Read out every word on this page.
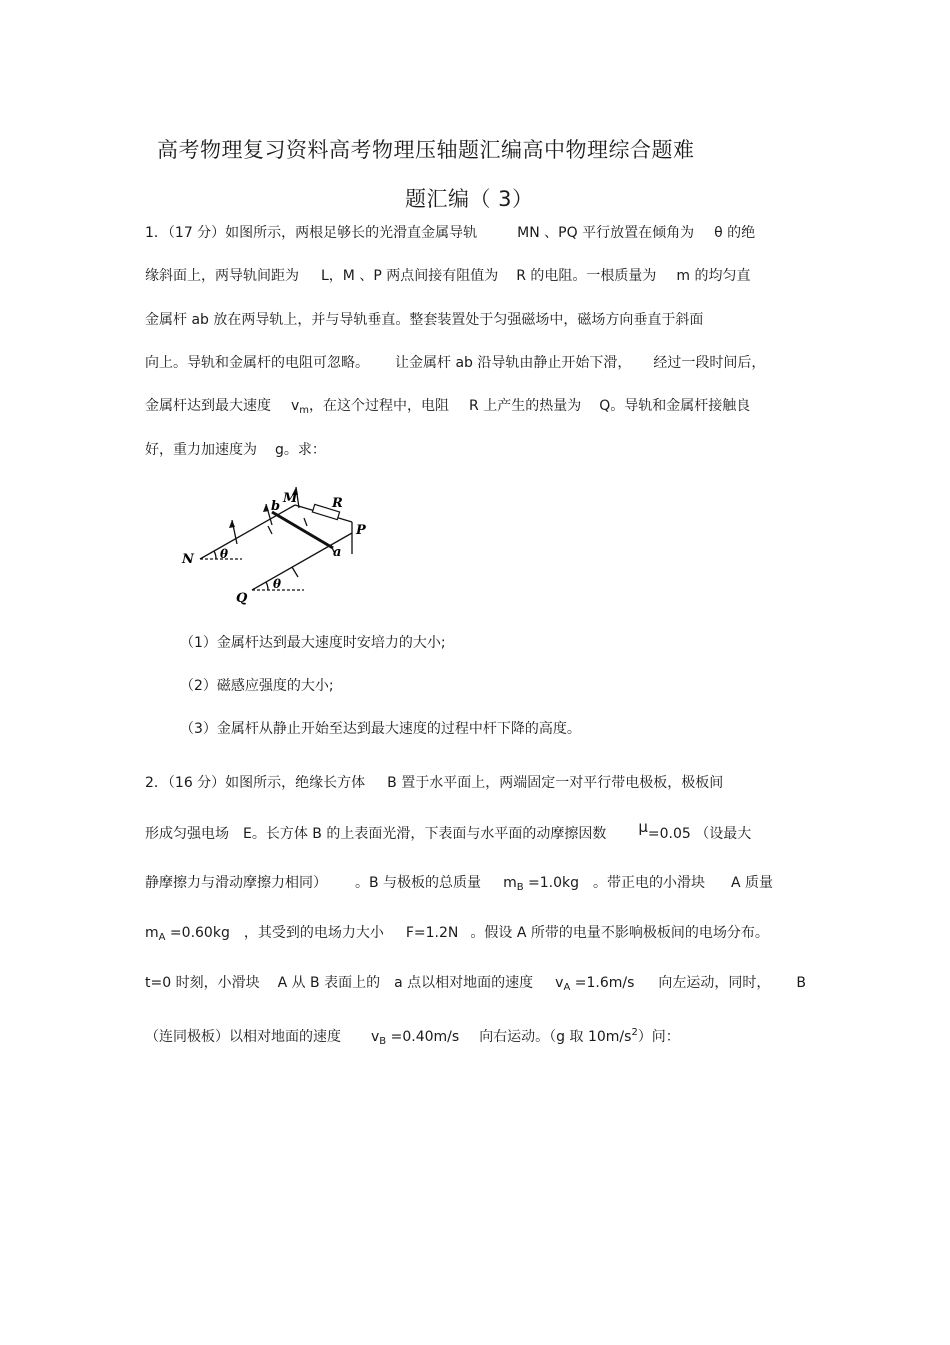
高考物理复习资料高考物理压轴题汇编高中物理综合题难
题汇编（ 3）
1．（17 分）如图所示，两根足够长的光滑直金属导轨	MN 、PQ 平行放置在倾角为 θ 的绝
缘斜面上，两导轨间距为 L，M 、P 两点间接有阻值为 R 的电阻。一根质量为 m 的均匀直
金属杆 ab 放在两导轨上，并与导轨垂直。整套装置处于匀强磁场中，磁场方向垂直于斜面
向上。导轨和金属杆的电阻可忽略。 让金属杆 ab 沿导轨由静止开始下滑， 经过一段时间后，
金属杆达到最大速度 $v_m$，在这个过程中，电阻 R 上产生的热量为 Q。导轨和金属杆接触良
好，重力加速度为 g。求：
N
Q
M
P
b
a
R
θ
θ
（1）金属杆达到最大速度时安培力的大小;
（2）磁感应强度的大小;
（3）金属杆从静止开始至达到最大速度的过程中杆下降的高度。
2．（16 分）如图所示，绝缘长方体 B 置于水平面上，两端固定一对平行带电极板，极板间
形成匀强电场 E。长方体 B 的上表面光滑，下表面与水平面的动摩擦因数 μ=0.05 （设最大
静摩擦力与滑动摩擦力相同） 。B 与极板的总质量 $m_B =1.0kg$ 。带正电的小滑块 A 质量
$m_A =0.60kg$ ，其受到的电场力大小 F=1.2N 。假设 A 所带的电量不影响极板间的电场分布。
t=0 时刻，小滑块 A 从 B 表面上的 a 点以相对地面的速度 $v_A =1.6m/s$ 向左运动，同时， B
（连同极板）以相对地面的速度 $v_B =0.40m/s$ 向右运动。（g 取 $10m/s^2$）问：
